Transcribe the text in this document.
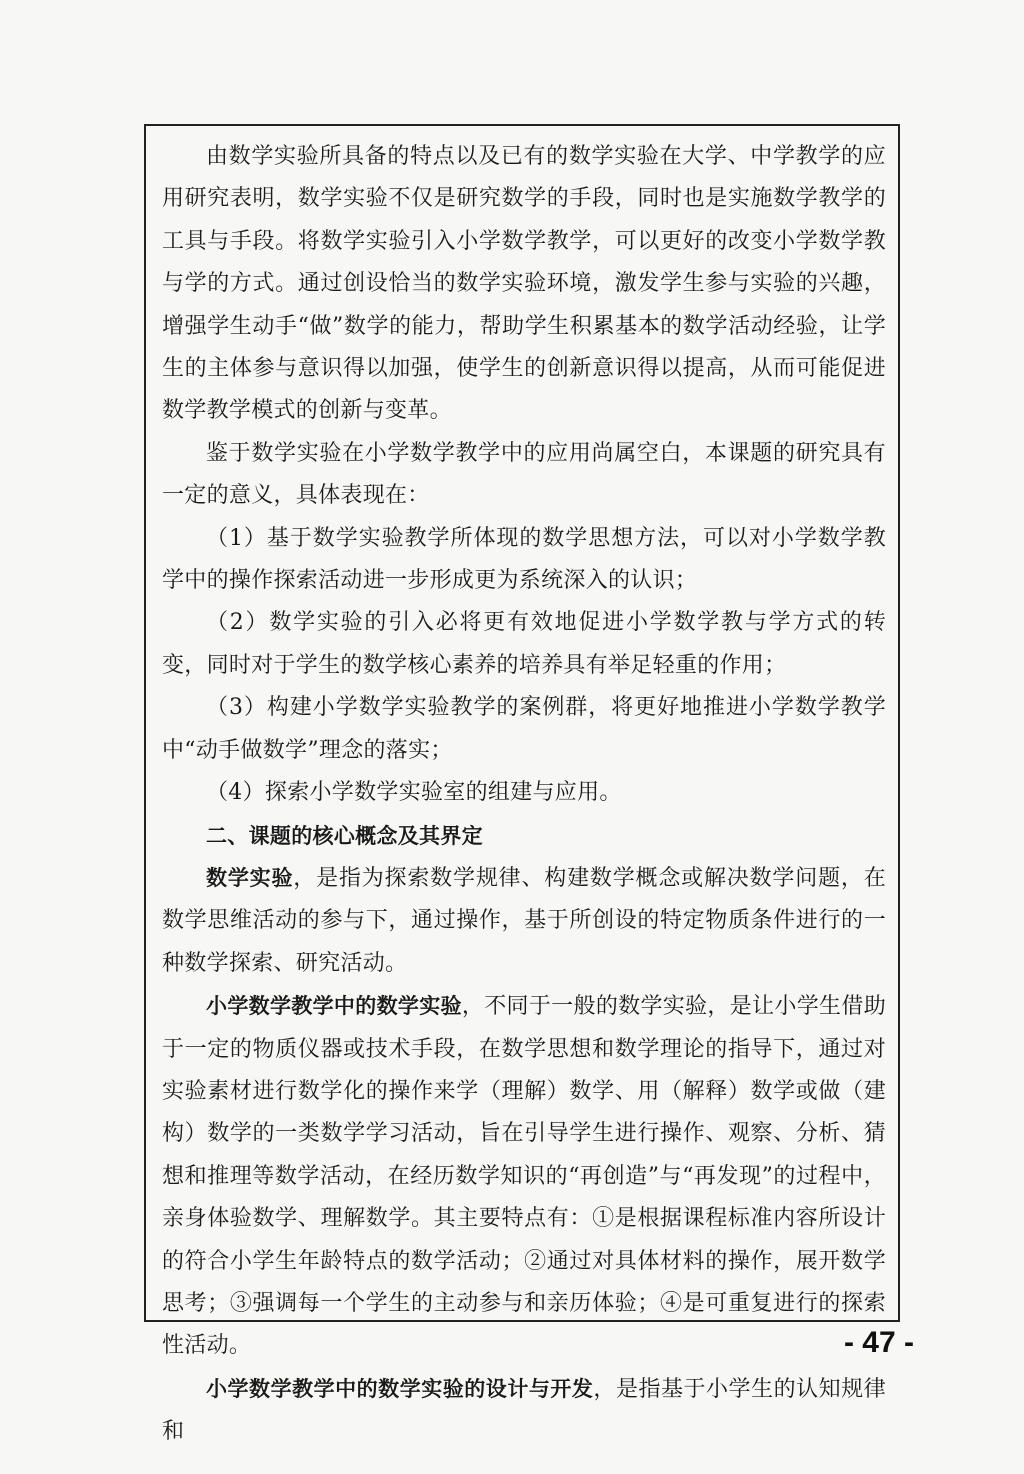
由数学实验所具备的特点以及已有的数学实验在大学、中学教学的应用研究表明，数学实验不仅是研究数学的手段，同时也是实施数学教学的工具与手段。将数学实验引入小学数学教学，可以更好的改变小学数学教与学的方式。通过创设恰当的数学实验环境，激发学生参与实验的兴趣，增强学生动手“做”数学的能力，帮助学生积累基本的数学活动经验，让学生的主体参与意识得以加强，使学生的创新意识得以提高，从而可能促进数学教学模式的创新与变革。

鉴于数学实验在小学数学教学中的应用尚属空白，本课题的研究具有一定的意义，具体表现在：

（1）基于数学实验教学所体现的数学思想方法，可以对小学数学教学中的操作探索活动进一步形成更为系统深入的认识；

（2）数学实验的引入必将更有效地促进小学数学教与学方式的转变，同时对于学生的数学核心素养的培养具有举足轻重的作用；

（3）构建小学数学实验教学的案例群，将更好地推进小学数学教学中“动手做数学”理念的落实；

（4）探索小学数学实验室的组建与应用。

二、课题的核心概念及其界定

数学实验，是指为探索数学规律、构建数学概念或解决数学问题，在数学思维活动的参与下，通过操作，基于所创设的特定物质条件进行的一种数学探索、研究活动。

小学数学教学中的数学实验，不同于一般的数学实验，是让小学生借助于一定的物质仪器或技术手段，在数学思想和数学理论的指导下，通过对实验素材进行数学化的操作来学（理解）数学、用（解释）数学或做（建构）数学的一类数学学习活动，旨在引导学生进行操作、观察、分析、猜想和推理等数学活动，在经历数学知识的“再创造”与“再发现”的过程中，亲身体验数学、理解数学。其主要特点有：①是根据课程标准内容所设计的符合小学生年龄特点的数学活动；②通过对具体材料的操作，展开数学思考；③强调每一个学生的主动参与和亲历体验；④是可重复进行的探索性活动。

小学数学教学中的数学实验的设计与开发，是指基于小学生的认知规律和

- 47 -
